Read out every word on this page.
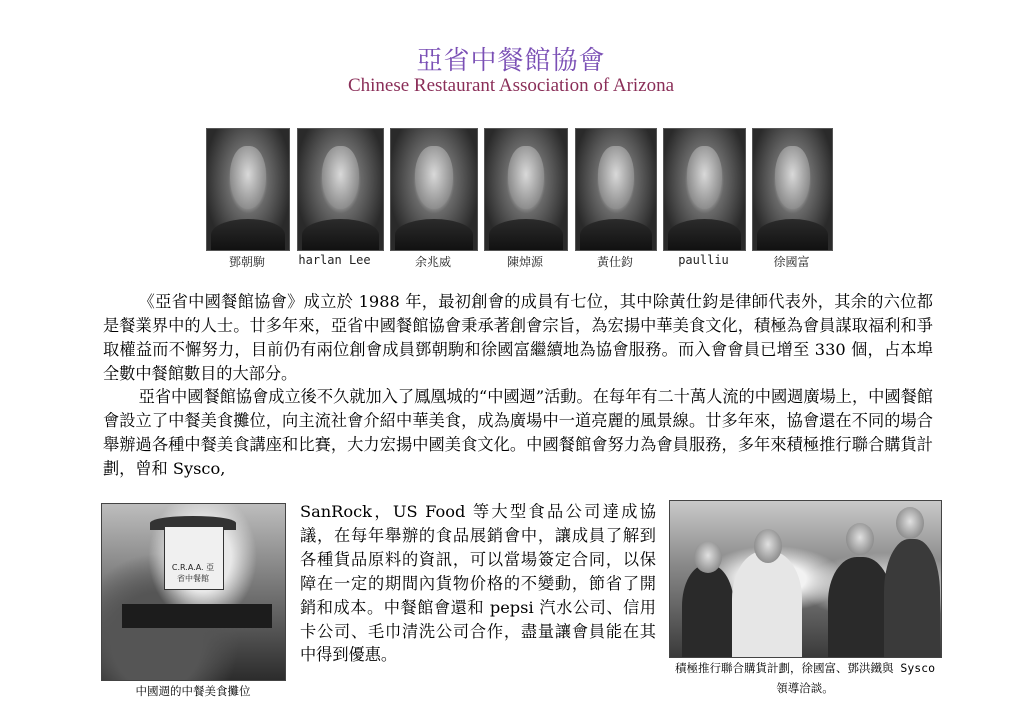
亞省中餐館協會
Chinese Restaurant Association of Arizona
鄧朝駒	harlan Lee	余兆威	陳焯源	黃仕鈞	paulliu	徐國富

《亞省中國餐館協會》成立於 1988 年，最初創會的成員有七位，其中除黃仕鈞是律師代表外，其余的六位都是餐業界中的人士。廿多年來，亞省中國餐館協會秉承著創會宗旨，為宏揚中華美食文化，積極為會員謀取福利和爭取權益而不懈努力，目前仍有兩位創會成員鄧朝駒和徐國富繼續地為協會服務。而入會會員已增至 330 個，占本埠全數中餐館數目的大部分。

亞省中國餐館協會成立後不久就加入了鳳凰城的“中國週”活動。在每年有二十萬人流的中國週廣場上，中國餐館會設立了中餐美食攤位，向主流社會介紹中華美食，成為廣場中一道亮麗的風景線。廿多年來，協會還在不同的場合舉辦過各種中餐美食講座和比賽，大力宏揚中國美食文化。中國餐館會努力為會員服務，多年來積極推行聯合購貨計劃，曾和 Sysco,

SanRock，US Food 等大型食品公司達成協議，在每年舉辦的食品展銷會中，讓成員了解到各種貨品原料的資訊，可以當場簽定合同，以保障在一定的期間內貨物价格的不變動，節省了開銷和成本。中餐館會還和 pepsi 汽水公司、信用卡公司、毛巾清洗公司合作，盡量讓會員能在其中得到優惠。

C.R.A.A. 亞省中餐館
中國週的中餐美食攤位

積極推行聯合購貨計劃，徐國富、鄧洪鐵與 Sysco 領導洽談。
